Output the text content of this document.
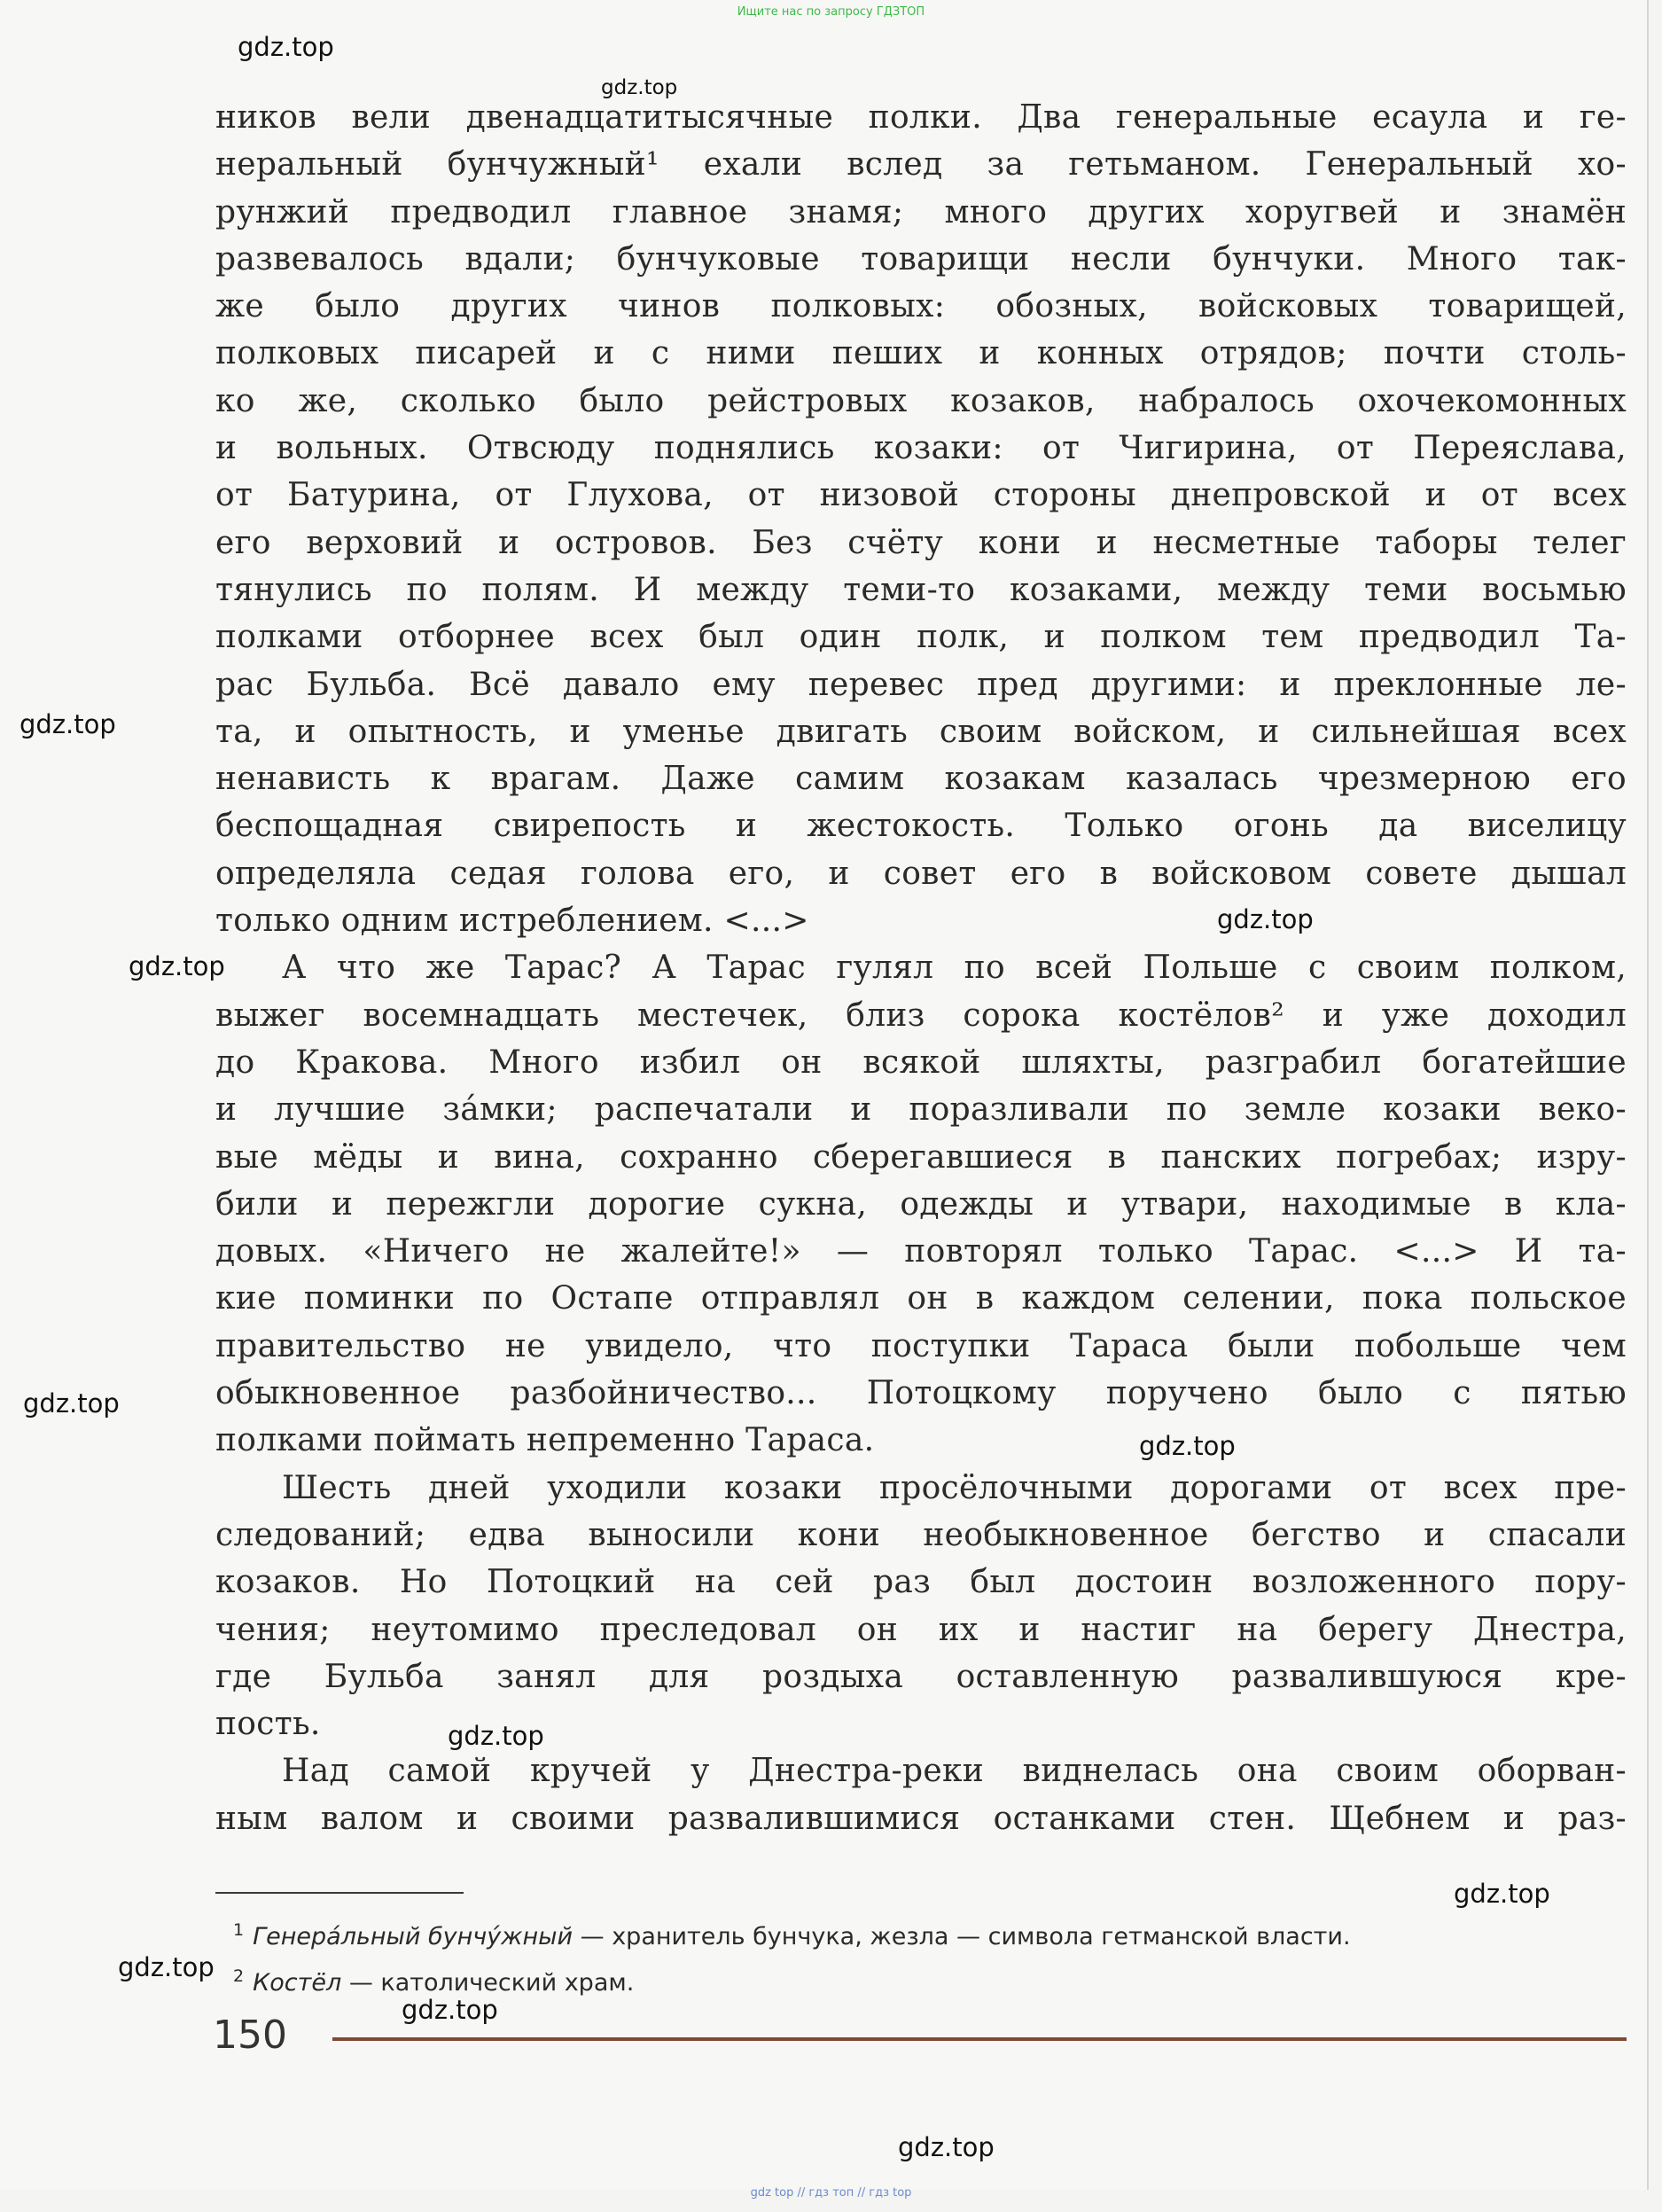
Ищите нас по запросу ГДЗТОП
ников вели двенадцатитысячные полки. Два генеральные есаула и ге-
неральный бунчужный¹ ехали вслед за гетьманом. Генеральный хо-
рунжий предводил главное знамя; много других хоругвей и знамён
развевалось вдали; бунчуковые товарищи несли бунчуки. Много так-
же было других чинов полковых: обозных, войсковых товарищей,
полковых писарей и с ними пеших и конных отрядов; почти столь-
ко же, сколько было рейстровых козаков, набралось охочекомонных
и вольных. Отвсюду поднялись козаки: от Чигирина, от Переяслава,
от Батурина, от Глухова, от низовой стороны днепровской и от всех
его верховий и островов. Без счёту кони и несметные таборы телег
тянулись по полям. И между теми-то козаками, между теми восьмью
полками отборнее всех был один полк, и полком тем предводил Та-
рас Бульба. Всё давало ему перевес пред другими: и преклонные ле-
та, и опытность, и уменье двигать своим войском, и сильнейшая всех
ненависть к врагам. Даже самим козакам казалась чрезмерною его
беспощадная свирепость и жестокость. Только огонь да виселицу
определяла седая голова его, и совет его в войсковом совете дышал
только одним истреблением. <...>
А что же Тарас? А Тарас гулял по всей Польше с своим полком,
выжег восемнадцать местечек, близ сорока костёлов² и уже доходил
до Кракова. Много избил он всякой шляхты, разграбил богатейшие
и лучшие за́мки; распечатали и поразливали по земле козаки веко-
вые мёды и вина, сохранно сберегавшиеся в панских погребах; изру-
били и пережгли дорогие сукна, одежды и утвари, находимые в кла-
довых. «Ничего не жалейте!» — повторял только Тарас. <...> И та-
кие поминки по Остапе отправлял он в каждом селении, пока польское
правительство не увидело, что поступки Тараса были побольше чем
обыкновенное разбойничество... Потоцкому поручено было с пятью
полками поймать непременно Тараса.
Шесть дней уходили козаки просёлочными дорогами от всех пре-
следований; едва выносили кони необыкновенное бегство и спасали
козаков. Но Потоцкий на сей раз был достоин возложенного пору-
чения; неутомимо преследовал он их и настиг на берегу Днестра,
где Бульба занял для роздыха оставленную развалившуюся кре-
пость.
Над самой кручей у Днестра-реки виднелась она своим оборван-
ным валом и своими развалившимися останками стен. Щебнем и раз-
$^1$ Генера́льный бунчу́жный — хранитель бунчука, жезла — символа гетманской власти.
$^2$ Костёл — католический храм.
150
gdz.top
gdz.top
gdz.top
gdz.top
gdz.top
gdz.top
gdz.top
gdz.top
gdz.top
gdz.top
gdz.top
gdz.top
gdz top // гдз топ // гдз top
